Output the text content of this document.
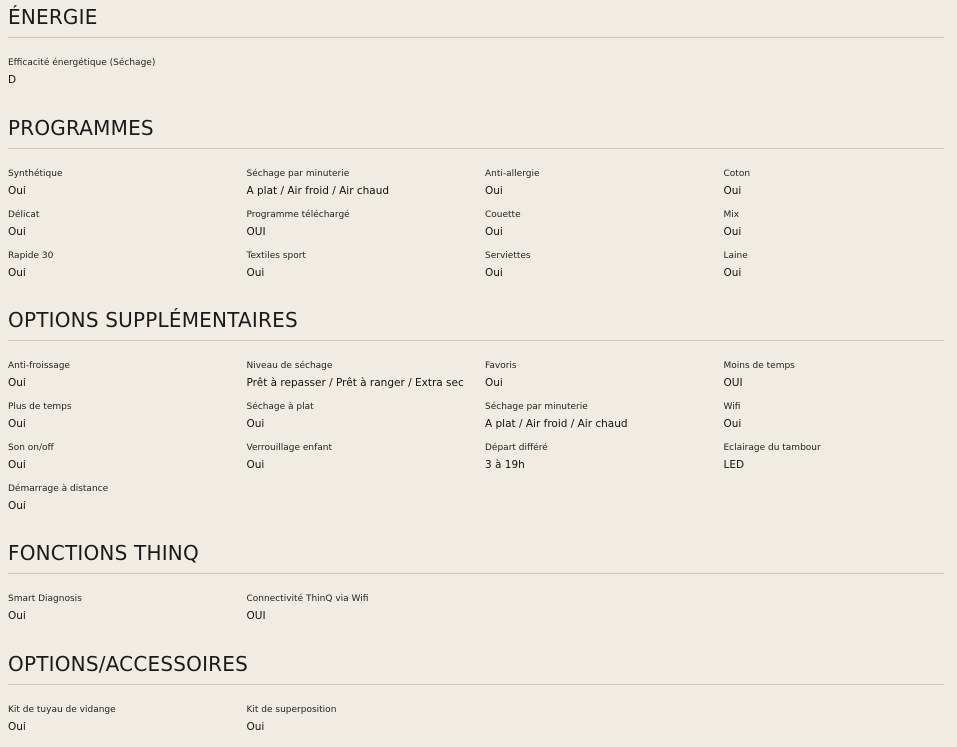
ÉNERGIE
Efficacité énergétique (Séchage)
D
PROGRAMMES
Synthétique
Oui
Séchage par minuterie
A plat / Air froid / Air chaud
Anti-allergie
Oui
Coton
Oui
Délicat
Oui
Programme téléchargé
OUI
Couette
Oui
Mix
Oui
Rapide 30
Oui
Textiles sport
Oui
Serviettes
Oui
Laine
Oui
OPTIONS SUPPLÉMENTAIRES
Anti-froissage
Oui
Niveau de séchage
Prêt à repasser / Prêt à ranger / Extra sec
Favoris
Oui
Moins de temps
OUI
Plus de temps
Oui
Séchage à plat
Oui
Séchage par minuterie
A plat / Air froid / Air chaud
Wifi
Oui
Son on/off
Oui
Verrouillage enfant
Oui
Départ différé
3 à 19h
Eclairage du tambour
LED
Démarrage à distance
Oui
FONCTIONS THINQ
Smart Diagnosis
Oui
Connectivité ThinQ via Wifi
OUI
OPTIONS/ACCESSOIRES
Kit de tuyau de vidange
Oui
Kit de superposition
Oui
